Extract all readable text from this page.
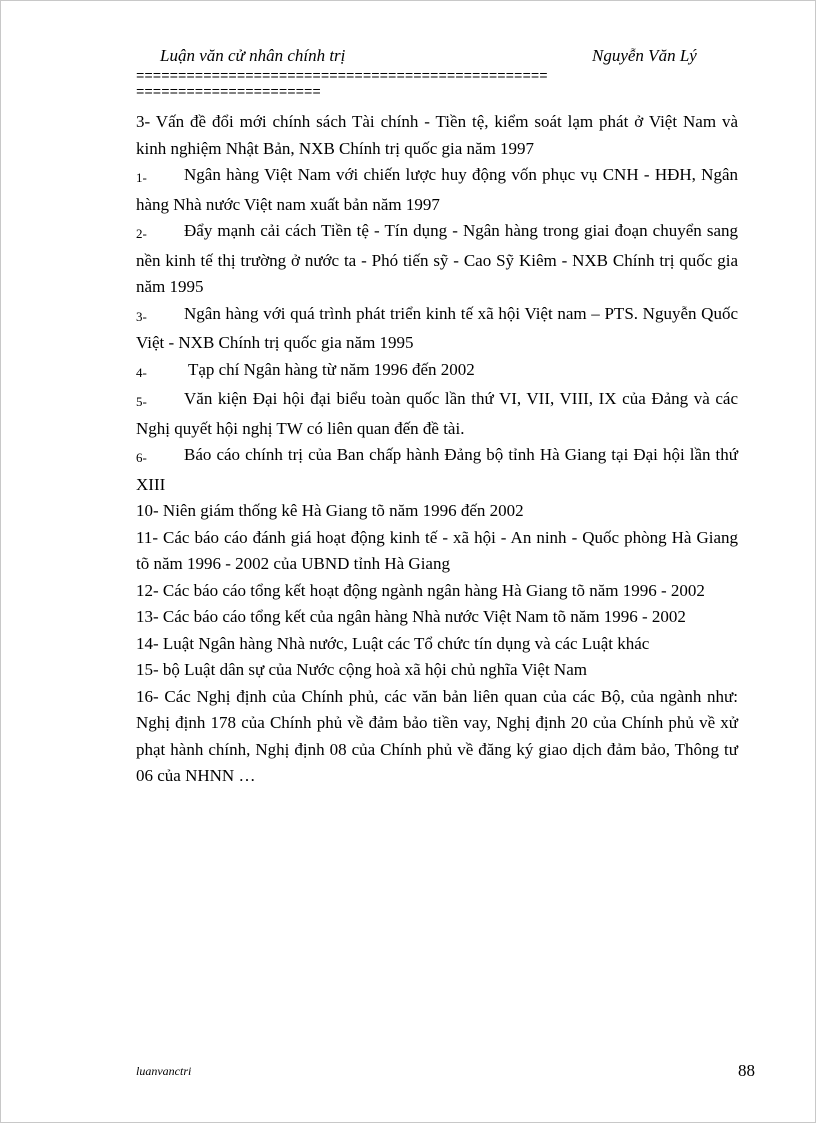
Luận văn cử nhân chính trị	Nguyễn Văn Lý
=================================================
======================

3- Vấn đề đổi mới chính sách Tài chính - Tiền tệ, kiểm soát lạm phát ở Việt Nam và kinh nghiệm Nhật Bản, NXB Chính trị quốc gia năm 1997

1- Ngân hàng Việt Nam với chiến lược huy động vốn phục vụ CNH - HĐH, Ngân hàng Nhà nước Việt nam xuất bản năm 1997

2- Đẩy mạnh cải cách Tiền tệ - Tín dụng - Ngân hàng trong giai đoạn chuyển sang nền kinh tế thị trường ở nước ta - Phó tiến sỹ - Cao Sỹ Kiêm - NXB Chính trị quốc gia năm 1995

3- Ngân hàng với quá trình phát triển kinh tế xã hội Việt nam – PTS. Nguyễn Quốc Việt - NXB Chính trị quốc gia năm 1995

4- Tạp chí Ngân hàng từ năm 1996 đến 2002

5- Văn kiện Đại hội đại biểu toàn quốc lần thứ VI, VII, VIII, IX của Đảng và các Nghị quyết hội nghị TW có liên quan đến đề tài.

6- Báo cáo chính trị của Ban chấp hành Đảng bộ tỉnh Hà Giang tại Đại hội lần thứ XIII

10- Niên giám thống kê Hà Giang tõ năm 1996 đến 2002

11- Các báo cáo đánh giá hoạt động kinh tế - xã hội - An ninh - Quốc phòng Hà Giang tõ năm 1996 - 2002 của UBND tỉnh Hà Giang

12- Các báo cáo tổng kết hoạt động ngành ngân hàng Hà Giang tõ năm 1996 - 2002

13- Các báo cáo tổng kết của ngân hàng Nhà nước Việt Nam tõ năm 1996 - 2002

14- Luật Ngân hàng Nhà nước, Luật các Tổ chức tín dụng và các Luật khác

15- bộ Luật dân sự của Nước cộng hoà xã hội chủ nghĩa Việt Nam

16- Các Nghị định của Chính phủ, các văn bản liên quan của các Bộ, của ngành như: Nghị định 178 của Chính phủ về đảm bảo tiền vay, Nghị định 20 của Chính phủ về xử phạt hành chính, Nghị định 08 của Chính phủ về đăng ký giao dịch đảm bảo, Thông tư 06 của NHNN …

luanvanctri	88
